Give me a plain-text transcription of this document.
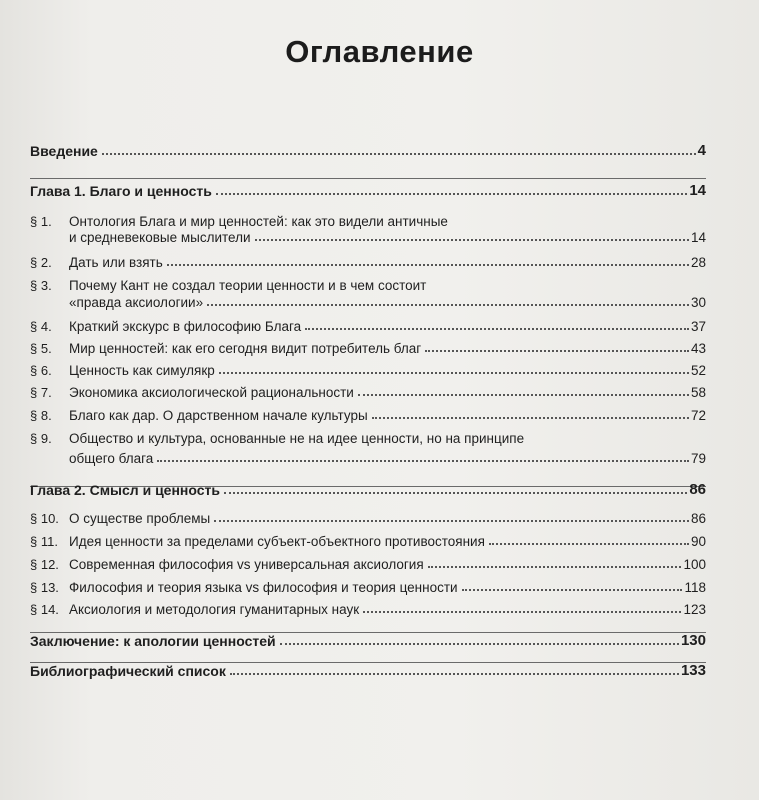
Оглавление
Введение	4
Глава 1. Благо и ценность	14
§ 1.	Онтология Блага и мир ценностей: как это видели античные
и средневековые мыслители	14
§ 2.	Дать или взять	28
§ 3.	Почему Кант не создал теории ценности и в чем состоит
«правда аксиологии»	30
§ 4.	Краткий экскурс в философию Блага	37
§ 5.	Мир ценностей: как его сегодня видит потребитель благ	43
§ 6.	Ценность как симулякр	52
§ 7.	Экономика аксиологической рациональности	58
§ 8.	Благо как дар. О дарственном начале культуры	72
§ 9.	Общество и культура, основанные не на идее ценности, но на принципе
общего блага	79
Глава 2. Смысл и ценность	86
§ 10. О существе проблемы	86
§ 11. Идея ценности за пределами субъект-объектного противостояния	90
§ 12. Современная философия vs универсальная аксиология	100
§ 13. Философия и теория языка vs философия и теория ценности	118
§ 14. Аксиология и методология гуманитарных наук	123
Заключение: к апологии ценностей	130
Библиографический список	133
